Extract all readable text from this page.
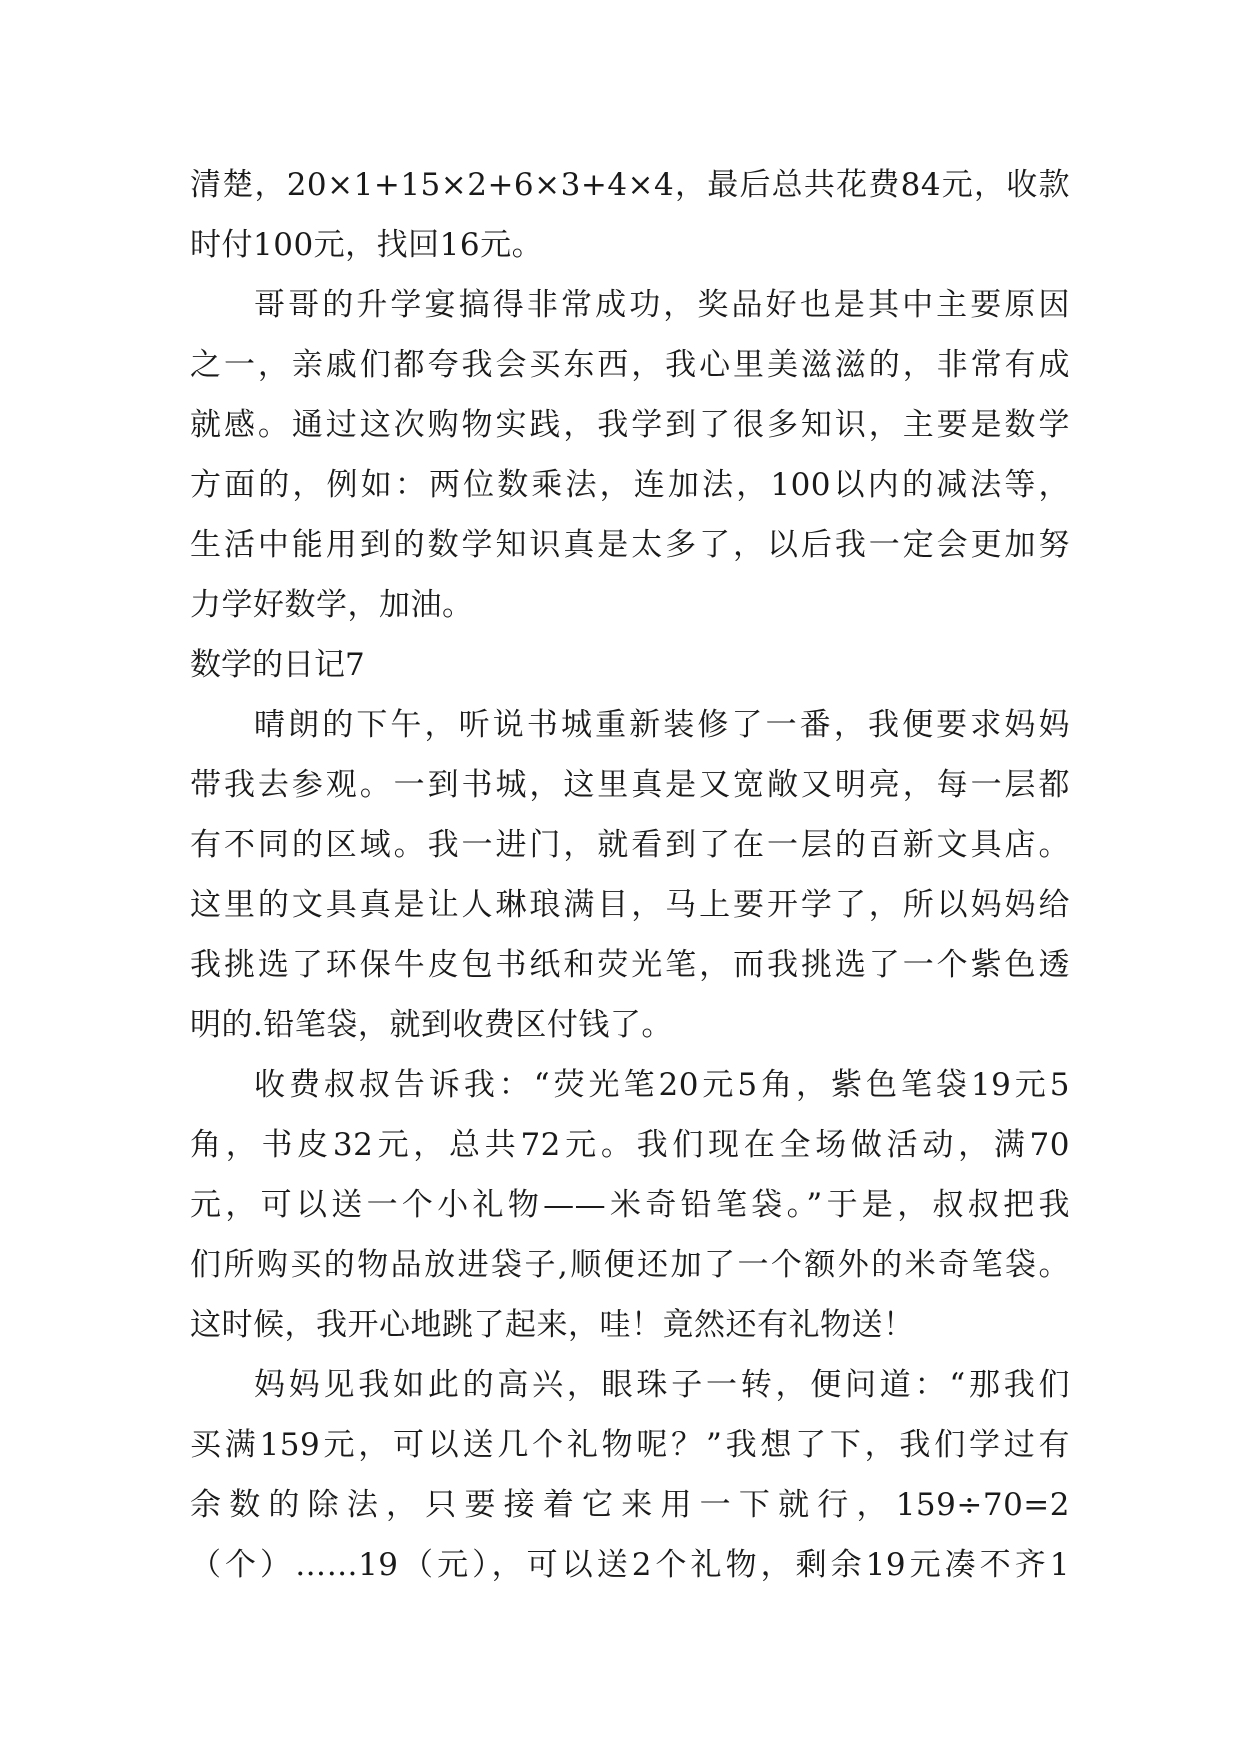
清楚，20×1+15×2+6×3+4×4，最后总共花费84元，收款
时付100元，找回16元。
哥哥的升学宴搞得非常成功，奖品好也是其中主要原因
之一，亲戚们都夸我会买东西，我心里美滋滋的，非常有成
就感。通过这次购物实践，我学到了很多知识，主要是数学
方面的，例如：两位数乘法，连加法，100以内的减法等，
生活中能用到的数学知识真是太多了，以后我一定会更加努
力学好数学，加油。
数学的日记7
晴朗的下午，听说书城重新装修了一番，我便要求妈妈
带我去参观。一到书城，这里真是又宽敞又明亮，每一层都
有不同的区域。我一进门，就看到了在一层的百新文具店。
这里的文具真是让人琳琅满目，马上要开学了，所以妈妈给
我挑选了环保牛皮包书纸和荧光笔，而我挑选了一个紫色透
明的.铅笔袋，就到收费区付钱了。
收费叔叔告诉我：“荧光笔20元5角，紫色笔袋19元5
角，书皮32元，总共72元。我们现在全场做活动，满70
元，可以送一个小礼物——米奇铅笔袋。”于是，叔叔把我
们所购买的物品放进袋子,顺便还加了一个额外的米奇笔袋。
这时候，我开心地跳了起来，哇！竟然还有礼物送！
妈妈见我如此的高兴，眼珠子一转，便问道：“那我们
买满159元，可以送几个礼物呢？”我想了下，我们学过有
余数的除法，只要接着它来用一下就行，159÷70=2
（个）……19（元），可以送2个礼物，剩余19元凑不齐1
